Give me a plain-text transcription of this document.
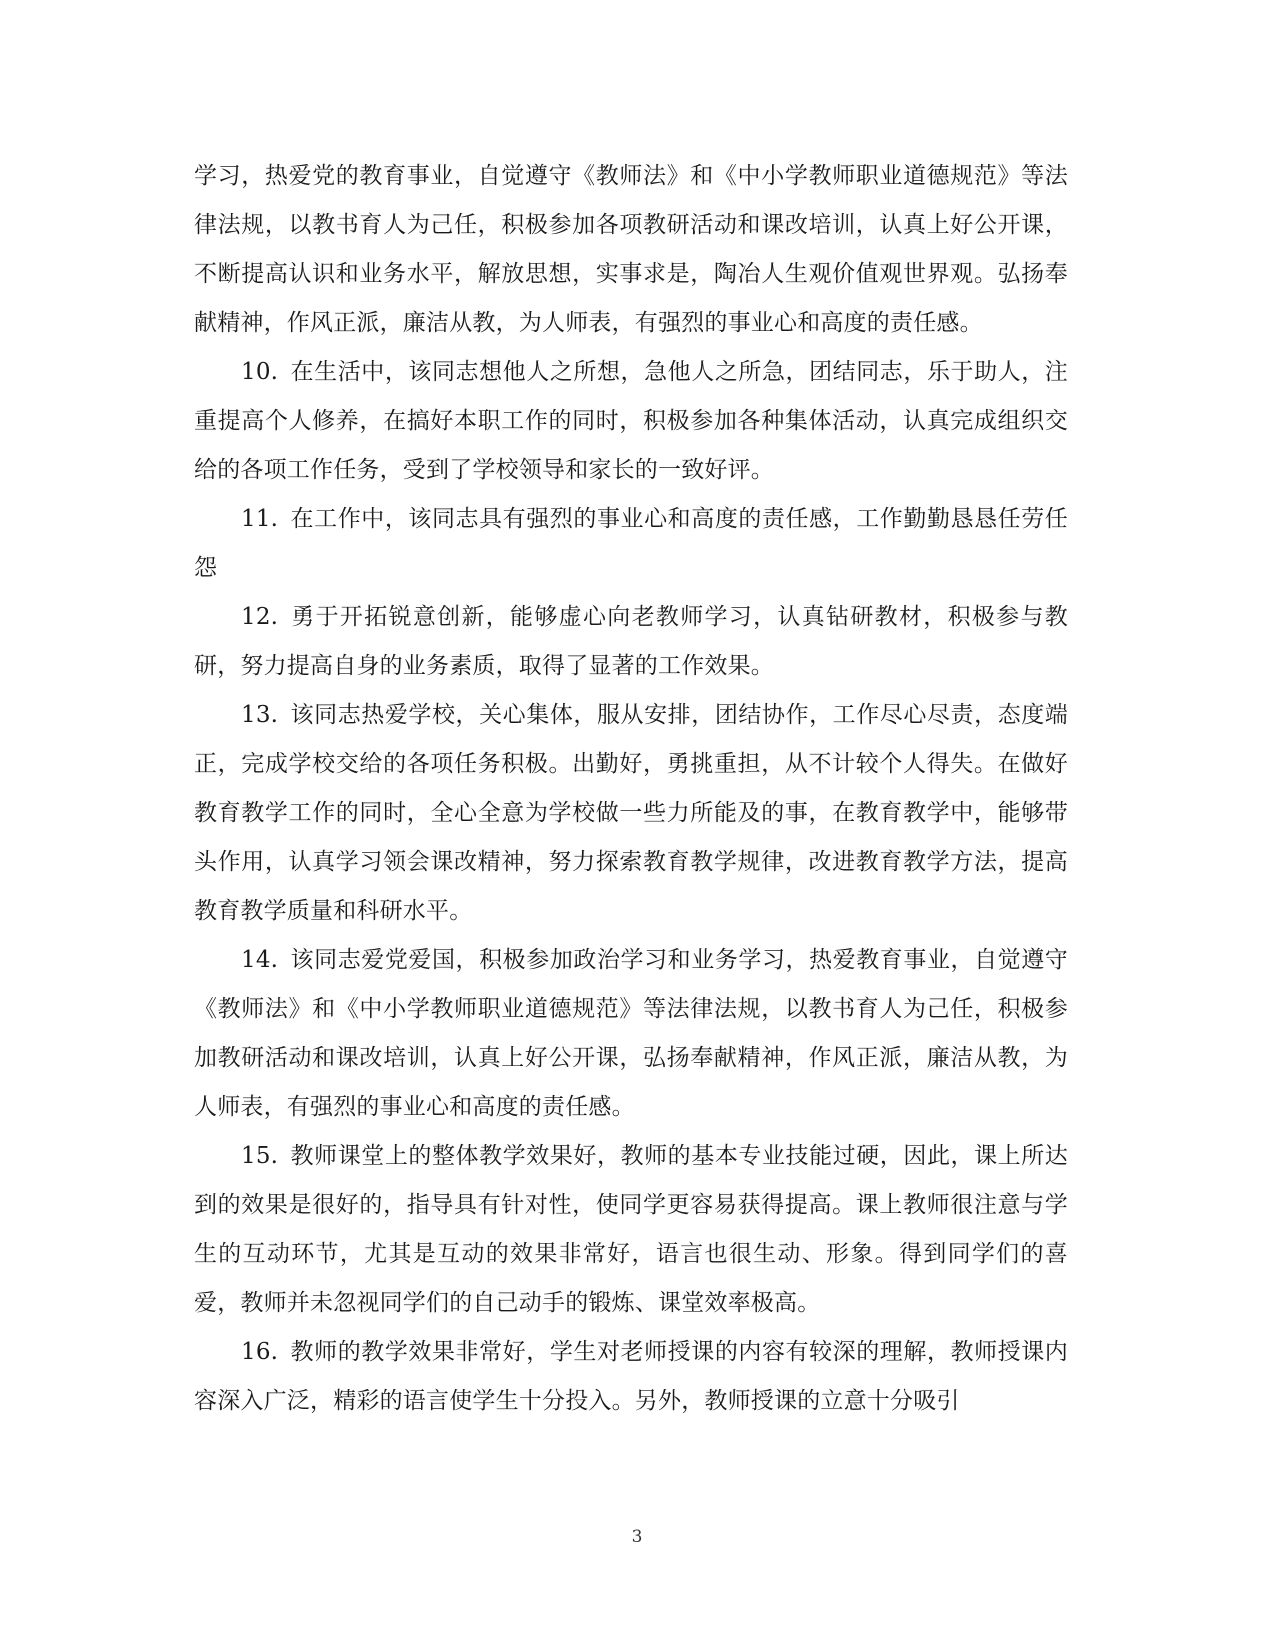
学习，热爱党的教育事业，自觉遵守《教师法》和《中小学教师职业道德规范》等法律法规，以教书育人为己任，积极参加各项教研活动和课改培训，认真上好公开课，不断提高认识和业务水平，解放思想，实事求是，陶冶人生观价值观世界观。弘扬奉献精神，作风正派，廉洁从教，为人师表，有强烈的事业心和高度的责任感。

10. 在生活中，该同志想他人之所想，急他人之所急，团结同志，乐于助人，注重提高个人修养，在搞好本职工作的同时，积极参加各种集体活动，认真完成组织交给的各项工作任务，受到了学校领导和家长的一致好评。

11. 在工作中，该同志具有强烈的事业心和高度的责任感，工作勤勤恳恳任劳任怨

12. 勇于开拓锐意创新，能够虚心向老教师学习，认真钻研教材，积极参与教研，努力提高自身的业务素质，取得了显著的工作效果。

13. 该同志热爱学校，关心集体，服从安排，团结协作，工作尽心尽责，态度端正，完成学校交给的各项任务积极。出勤好，勇挑重担，从不计较个人得失。在做好教育教学工作的同时，全心全意为学校做一些力所能及的事，在教育教学中，能够带头作用，认真学习领会课改精神，努力探索教育教学规律，改进教育教学方法，提高教育教学质量和科研水平。

14. 该同志爱党爱国，积极参加政治学习和业务学习，热爱教育事业，自觉遵守《教师法》和《中小学教师职业道德规范》等法律法规，以教书育人为己任，积极参加教研活动和课改培训，认真上好公开课，弘扬奉献精神，作风正派，廉洁从教，为人师表，有强烈的事业心和高度的责任感。

15. 教师课堂上的整体教学效果好，教师的基本专业技能过硬，因此，课上所达到的效果是很好的，指导具有针对性，使同学更容易获得提高。课上教师很注意与学生的互动环节，尤其是互动的效果非常好，语言也很生动、形象。得到同学们的喜爱，教师并未忽视同学们的自己动手的锻炼、课堂效率极高。

16. 教师的教学效果非常好，学生对老师授课的内容有较深的理解，教师授课内容深入广泛，精彩的语言使学生十分投入。另外，教师授课的立意十分吸引

3
